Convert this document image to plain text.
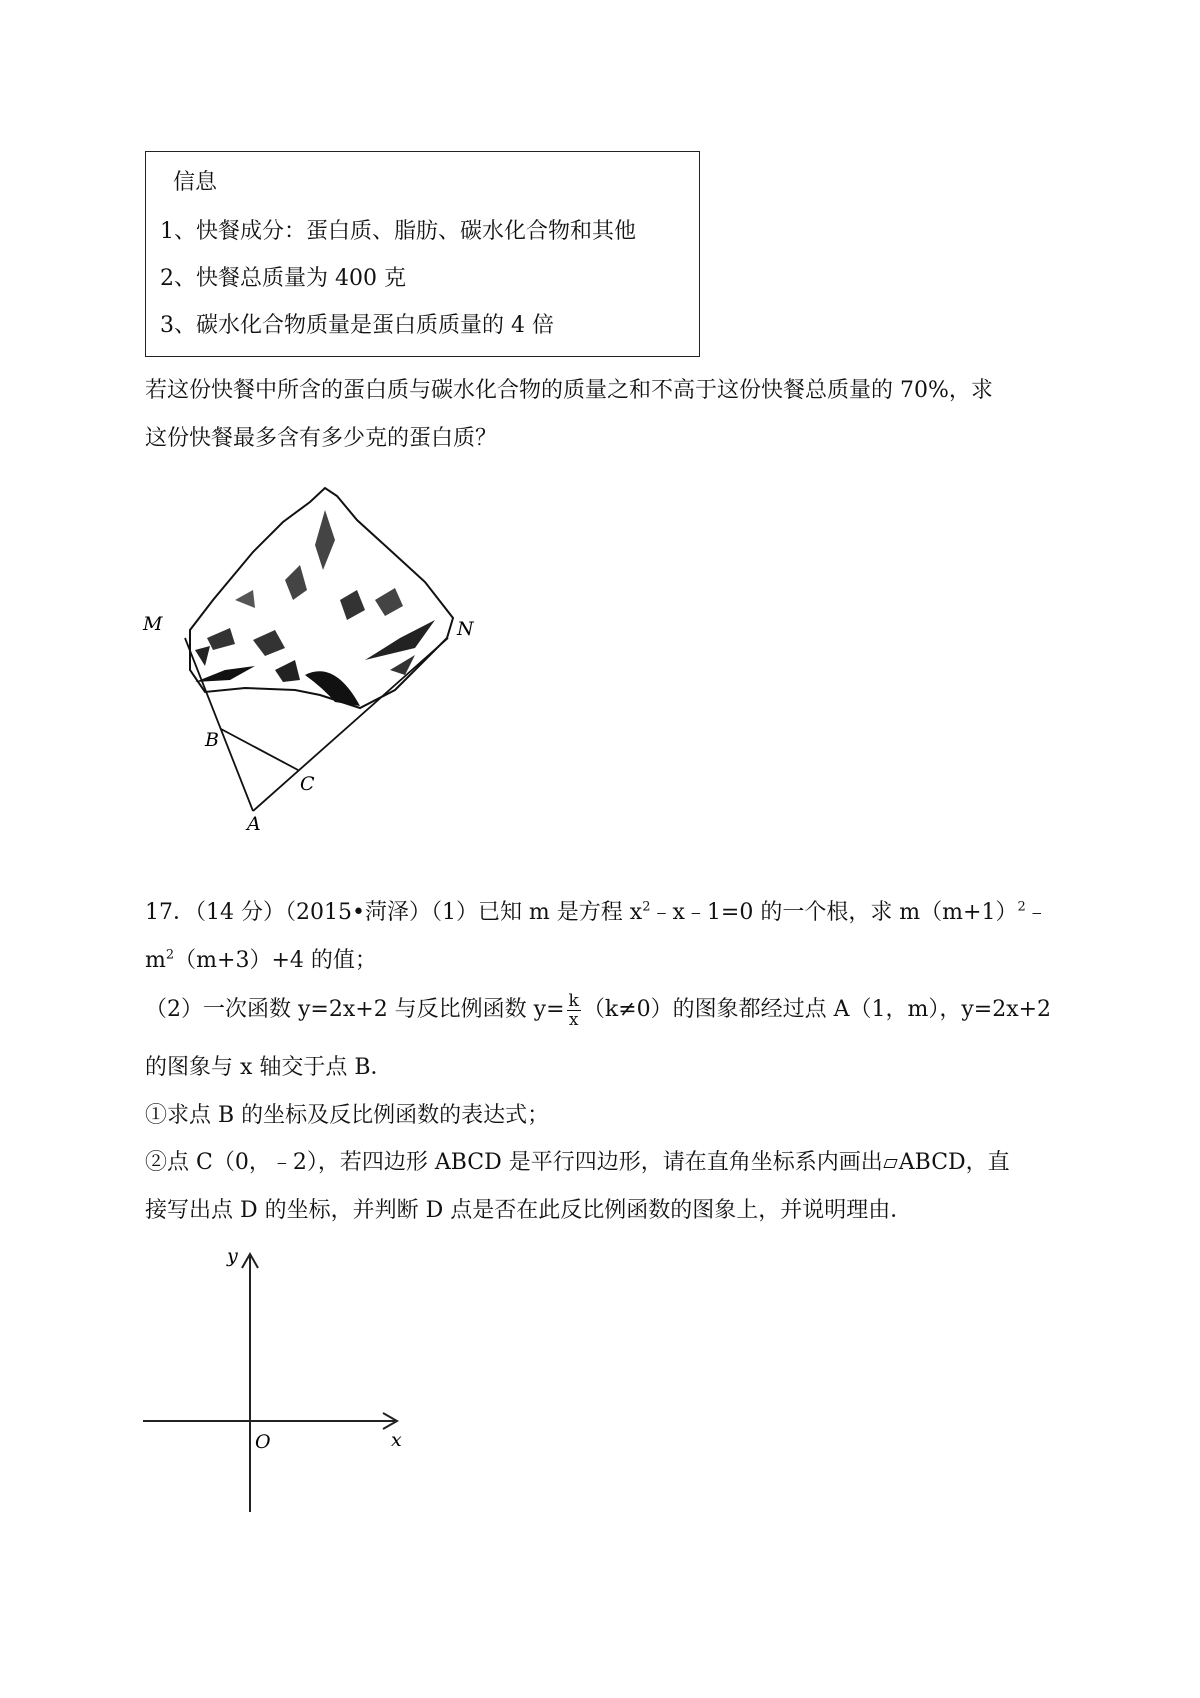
信息
1、快餐成分：蛋白质、脂肪、碳水化合物和其他
2、快餐总质量为 400 克
3、碳水化合物质量是蛋白质质量的 4 倍
若这份快餐中所含的蛋白质与碳水化合物的质量之和不高于这份快餐总质量的 70%，求
这份快餐最多含有多少克的蛋白质？
M	N
B
C
A
17．（14 分）（2015•菏泽）（1）已知 m 是方程 $x^2﹣x﹣1=0$ 的一个根，求 $m(m+1)^2﹣$
$m^2(m+3)+4$ 的值；
（2）一次函数 y=2x+2 与反比例函数 $y= \frac{k}{x} (k\ne 0)$的图象都经过点 A（1，m），y=2x+2
的图象与 x 轴交于点 B．
①求点 B 的坐标及反比例函数的表达式；
②点 C（0，﹣2），若四边形 ABCD 是平行四边形，请在直角坐标系内画出 ABCD，直
接写出点 D 的坐标，并判断 D 点是否在此反比例函数的图象上，并说明理由．
y
x
O
